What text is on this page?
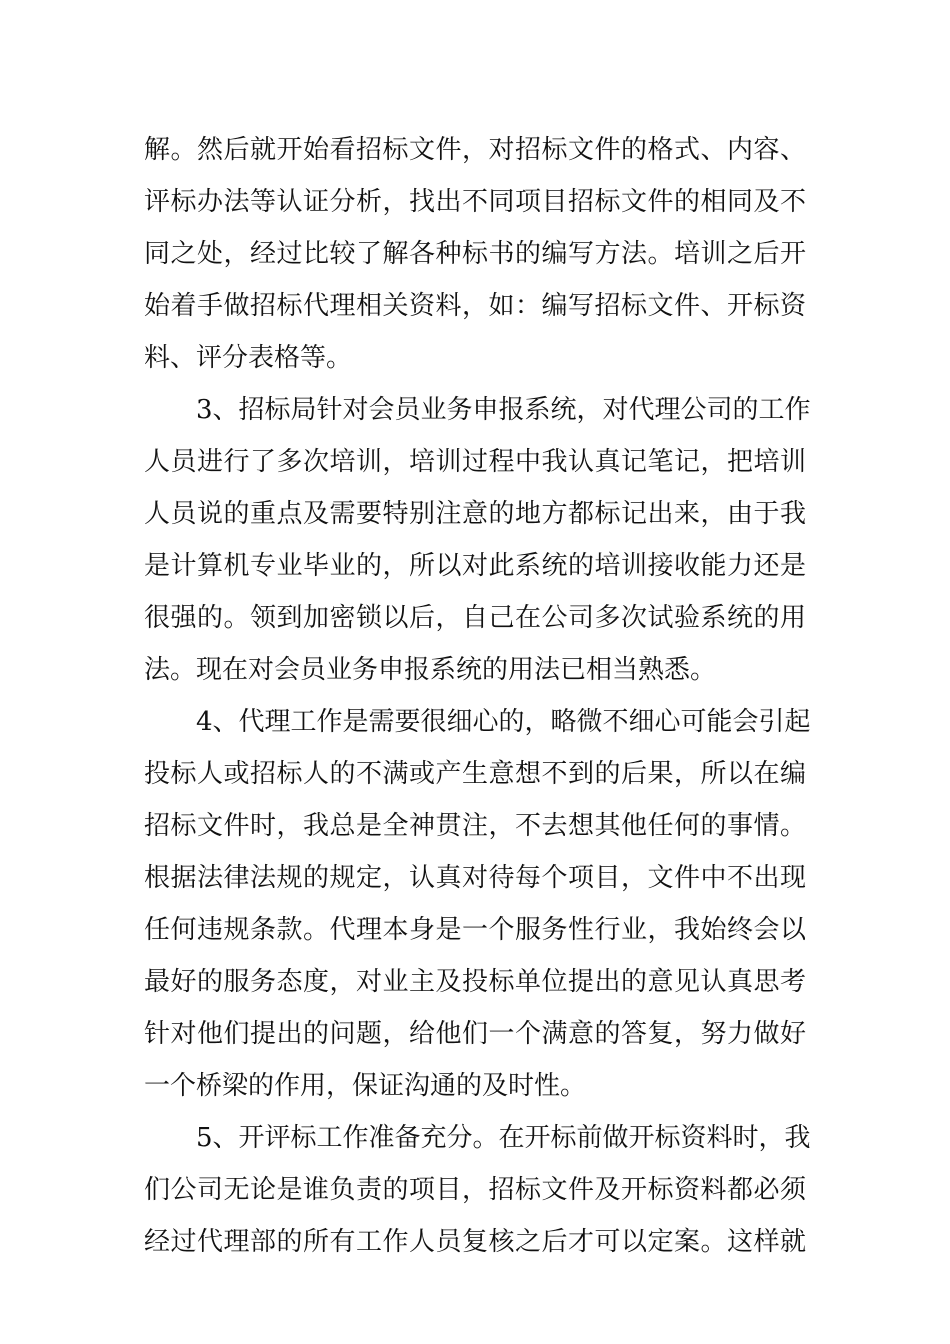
解。然后就开始看招标文件，对招标文件的格式、内容、
评标办法等认证分析，找出不同项目招标文件的相同及不
同之处，经过比较了解各种标书的编写方法。培训之后开
始着手做招标代理相关资料，如：编写招标文件、开标资
料、评分表格等。
3、招标局针对会员业务申报系统，对代理公司的工作
人员进行了多次培训，培训过程中我认真记笔记，把培训
人员说的重点及需要特别注意的地方都标记出来，由于我
是计算机专业毕业的，所以对此系统的培训接收能力还是
很强的。领到加密锁以后，自己在公司多次试验系统的用
法。现在对会员业务申报系统的用法已相当熟悉。
4、代理工作是需要很细心的，略微不细心可能会引起
投标人或招标人的不满或产生意想不到的后果，所以在编
招标文件时，我总是全神贯注，不去想其他任何的事情。
根据法律法规的规定，认真对待每个项目，文件中不出现
任何违规条款。代理本身是一个服务性行业，我始终会以
最好的服务态度，对业主及投标单位提出的意见认真思考
针对他们提出的问题，给他们一个满意的答复，努力做好
一个桥梁的作用，保证沟通的及时性。
5、开评标工作准备充分。在开标前做开标资料时，我
们公司无论是谁负责的项目，招标文件及开标资料都必须
经过代理部的所有工作人员复核之后才可以定案。这样就
